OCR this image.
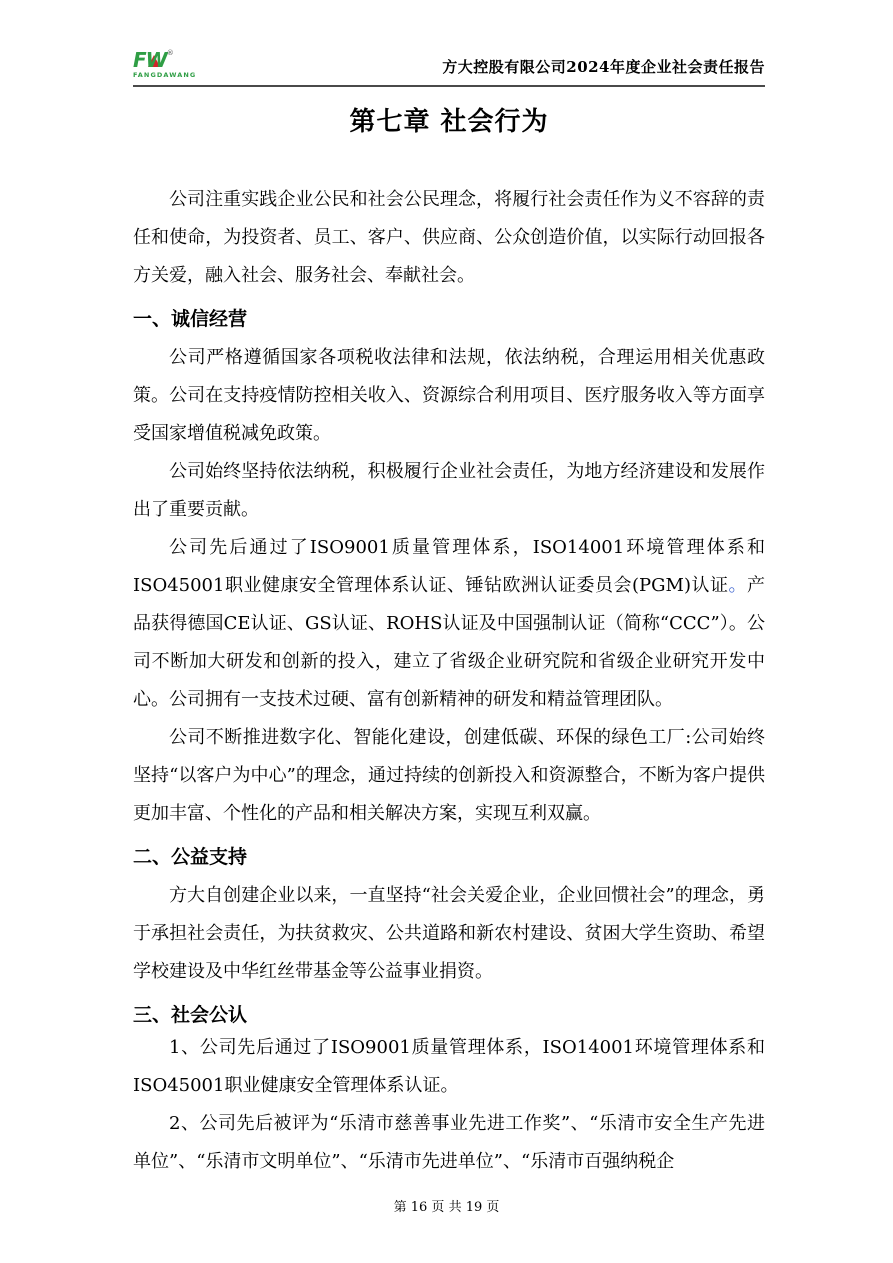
FW®
FANGDAWANG	方大控股有限公司2024年度企业社会责任报告
第七章 社会行为

公司注重实践企业公民和社会公民理念，将履行社会责任作为义不容辞的责任和使命，为投资者、员工、客户、供应商、公众创造价值，以实际行动回报各方关爱，融入社会、服务社会、奉献社会。

一、诚信经营

公司严格遵循国家各项税收法律和法规，依法纳税，合理运用相关优惠政策。公司在支持疫情防控相关收入、资源综合利用项目、医疗服务收入等方面享受国家增值税减免政策。

公司始终坚持依法纳税，积极履行企业社会责任，为地方经济建设和发展作出了重要贡献。

公司先后通过了ISO9001质量管理体系，ISO14001环境管理体系和ISO45001职业健康安全管理体系认证、锤钻欧洲认证委员会(PGM)认证。产品获得德国CE认证、GS认证、ROHS认证及中国强制认证（简称“CCC”）。公司不断加大研发和创新的投入，建立了省级企业研究院和省级企业研究开发中心。公司拥有一支技术过硬、富有创新精神的研发和精益管理团队。

公司不断推进数字化、智能化建设，创建低碳、环保的绿色工厂:公司始终坚持“以客户为中心”的理念，通过持续的创新投入和资源整合，不断为客户提供更加丰富、个性化的产品和相关解决方案，实现互利双赢。

二、公益支持

方大自创建企业以来，一直坚持“社会关爱企业，企业回惯社会”的理念，勇于承担社会责任，为扶贫救灾、公共道路和新农村建设、贫困大学生资助、希望学校建设及中华红丝带基金等公益事业捐资。

三、社会公认

1、公司先后通过了ISO9001质量管理体系，ISO14001环境管理体系和ISO45001职业健康安全管理体系认证。

2、公司先后被评为“乐清市慈善事业先进工作奖”、“乐清市安全生产先进单位”、“乐清市文明单位”、“乐清市先进单位”、“乐清市百强纳税企

第 16 页 共 19 页
